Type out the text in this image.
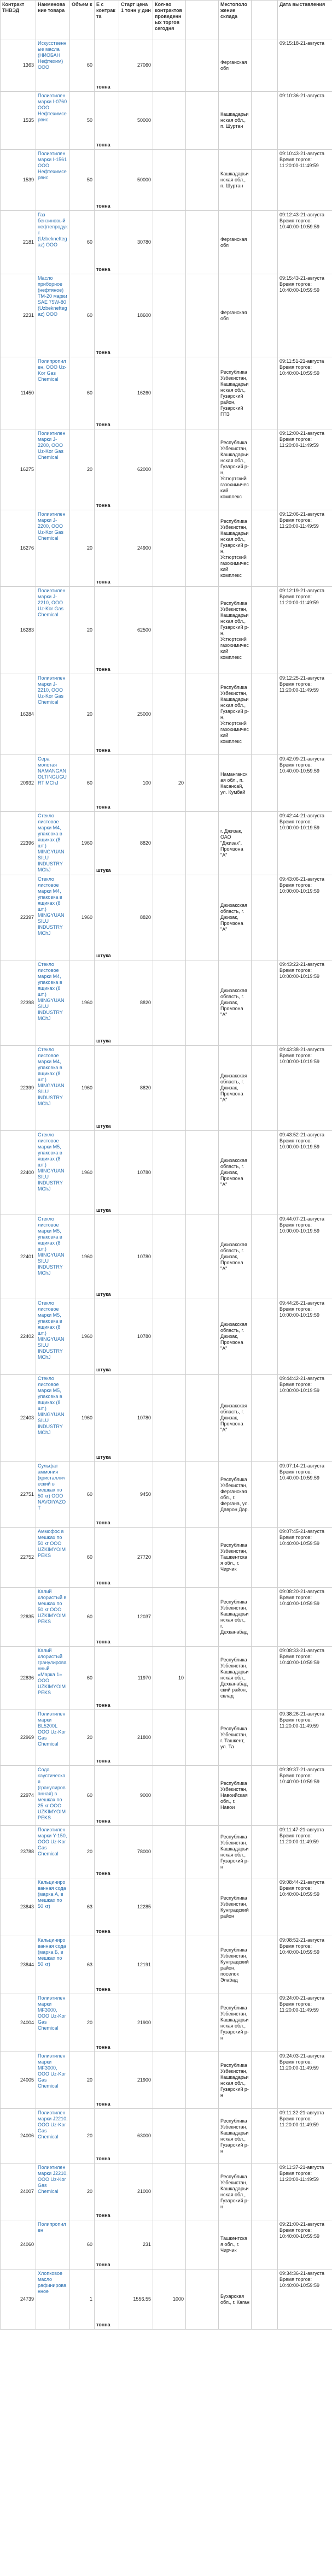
Контракт ТНВЭД	Наименование товара	Объем к	Е с контракта	Старт цена 1 тонн у дин	Кол-во контрактов проведенных торгов сегодня		Местоположение склада		Дата выставления
1363	Искусственные масла (НИОБАН Нефтехим) ООО	60	тонна	27060			Ферганская обл		09:15:18-21-августа
1535	Полиэтилен марки I-0760 ООО Нефтехимсервис	50	тонна	50000			Кашкадарьинская обл., п. Шуртан		09:10:36-21-августа
1539	Полиэтилен марки I-1561 ООО Нефтехимсервис	50	тонна	50000			Кашкадарьинская обл., п. Шуртан		09:10:43-21-августа Время торгов: 11:20:00-11:49:59
2181	Газ бензиновый нефтепродукт (Uzbekneftegaz) ООО	60	тонна	30780			Ферганская обл		09:12:43-21-августа Время торгов: 10:40:00-10:59:59
2231	Масло приборное (нефтяное) ТМ-20 марки SAE 75W-80 (Uzbekneftegaz) ООО	60	тонна	18600			Ферганская обл		09:15:43-21-августа Время торгов: 10:40:00-10:59:59
11450	Полипропилен, ООО Uz-Kor Gas Chemical	60	тонна	16260			Республика Узбекистан, Кашкадарьинская обл., Гузарский район, Гузарский ГПЗ		09:11:51-21-августа Время торгов: 10:40:00-10:59:59
16275	Полиэтилен марки J-2200, ООО Uz-Kor Gas Chemical	20	тонна	62000			Республика Узбекистан, Кашкадарьинская обл., Гузарский р-н, Устюртский газохимический комплекс		09:12:00-21-августа Время торгов: 11:20:00-11:49:59
16276	Полиэтилен марки J-2200, ООО Uz-Kor Gas Chemical	20	тонна	24900			Республика Узбекистан, Кашкадарьинская обл., Гузарский р-н, Устюртский газохимический комплекс		09:12:06-21-августа Время торгов: 11:20:00-11:49:59
16283	Полиэтилен марки J-2210, ООО Uz-Kor Gas Chemical	20	тонна	62500			Республика Узбекистан, Кашкадарьинская обл., Гузарский р-н, Устюртский газохимический комплекс		09:12:19-21-августа Время торгов: 11:20:00-11:49:59
16284	Полиэтилен марки J-2210, ООО Uz-Kor Gas Chemical	20	тонна	25000			Республика Узбекистан, Кашкадарьинская обл., Гузарский р-н, Устюртский газохимический комплекс		09:12:25-21-августа Время торгов: 11:20:00-11:49:59
20932	Сера молотая NAMANGAN OLTINGUGURT MChJ	60	тонна	100	20		Наманганская обл., п. Касансай, ул. Кумбай		09:42:09-21-августа Время торгов: 10:40:00-10:59:59
22396	Стекло листовое марки М4, упаковка в ящиках (8 шт.) MINGYUAN SILU INDUSTRY MChJ	1960	штука	8820			г. Джизак, ОАО "Джизак", Промзона "А"		09:42:44-21-августа Время торгов: 10:00:00-10:19:59
22397	Стекло листовое марки М4, упаковка в ящиках (8 шт.) MINGYUAN SILU INDUSTRY MChJ	1960	штука	8820			Джизакская область, г. Джизак, Промзона "А"		09:43:06-21-августа Время торгов: 10:00:00-10:19:59
22398	Стекло листовое марки М4, упаковка в ящиках (8 шт.) MINGYUAN SILU INDUSTRY MChJ	1960	штука	8820			Джизакская область, г. Джизак, Промзона "А"		09:43:22-21-августа Время торгов: 10:00:00-10:19:59
22399	Стекло листовое марки М4, упаковка в ящиках (8 шт.) MINGYUAN SILU INDUSTRY MChJ	1960	штука	8820			Джизакская область, г. Джизак, Промзона "А"		09:43:38-21-августа Время торгов: 10:00:00-10:19:59
22400	Стекло листовое марки М5, упаковка в ящиках (8 шт.) MINGYUAN SILU INDUSTRY MChJ	1960	штука	10780			Джизакская область, г. Джизак, Промзона "А"		09:43:52-21-августа Время торгов: 10:00:00-10:19:59
22401	Стекло листовое марки М5, упаковка в ящиках (8 шт.) MINGYUAN SILU INDUSTRY MChJ	1960	штука	10780			Джизакская область, г. Джизак, Промзона "А"		09:44:07-21-августа Время торгов: 10:00:00-10:19:59
22402	Стекло листовое марки М5, упаковка в ящиках (8 шт.) MINGYUAN SILU INDUSTRY MChJ	1960	штука	10780			Джизакская область, г. Джизак, Промзона "А"		09:44:26-21-августа Время торгов: 10:00:00-10:19:59
22403	Стекло листовое марки М5, упаковка в ящиках (8 шт.) MINGYUAN SILU INDUSTRY MChJ	1960	штука	10780			Джизакская область, г. Джизак, Промзона "А"		09:44:42-21-августа Время торгов: 10:00:00-10:19:59
22751	Сульфат аммония (кристаллический в мешках по 50 кг) ООО NAVOIYAZOT	60	тонна	9450			Республика Узбекистан, Ферганская обл., г. Фергана, ул. Даврон Дар.		09:07:14-21-августа Время торгов: 10:40:00-10:59:59
22752	Аммофос в мешках по 50 кг ООО UZKIMYOIMPEKS	60	тонна	27720			Республика Узбекистан, Ташкентская обл., г. Чирчик		09:07:45-21-августа Время торгов: 10:40:00-10:59:59
22835	Калий хлористый в мешках по 50 кг ООО UZKIMYOIMPEKS	60	тонна	12037			Республика Узбекистан, Кашкадарьинская обл., г. Дехканабад		09:08:20-21-августа Время торгов: 10:40:00-10:59:59
22836	Калий хлористый гранулированный «Марка 1» ООО UZKIMYOIMPEKS	60	тонна	11970	10		Республика Узбекистан, Кашкадарьинская обл., Дехканабадский район, склад		09:08:33-21-августа Время торгов: 10:40:00-10:59:59
22969	Полиэтилен марки BL5200L ООО Uz-Kor Gas Chemical	20	тонна	21800			Республика Узбекистан, г. Ташкент, ул. Та		09:38:26-21-августа Время торгов: 11:20:00-11:49:59
22974	Сода каустическая (гранулированная) в мешках по 25 кг ООО UZKIMYOIMPEKS	60	тонна	9000			Республика Узбекистан, Навоийская обл., г. Навои		09:39:37-21-августа Время торгов: 10:40:00-10:59:59
23788	Полиэтилен марки Y-150, ООО Uz-Kor Gas Chemical	20	тонна	78000			Республика Узбекистан, Кашкадарьинская обл., Гузарский р-н		09:11:47-21-августа Время торгов: 11:20:00-11:49:59
23843	Кальцинированная сода (марка А, в мешках по 50 кг)	63	тонна	12285			Республика Узбекистан, Кунградский район		09:08:44-21-августа Время торгов: 10:40:00-10:59:59
23844	Кальцинированная сода (марка Б, в мешках по 50 кг)	63	тонна	12191			Республика Узбекистан, Кунградский район, поселок Элабад		09:08:52-21-августа Время торгов: 10:40:00-10:59:59
24004	Полиэтилен марки MF3000, ООО Uz-Kor Gas Chemical	20	тонна	21900			Республика Узбекистан, Кашкадарьинская обл., Гузарский р-н		09:24:00-21-августа Время торгов: 11:20:00-11:49:59
24005	Полиэтилен марки MF3000, ООО Uz-Kor Gas Chemical	20	тонна	21900			Республика Узбекистан, Кашкадарьинская обл., Гузарский р-н		09:24:03-21-августа Время торгов: 11:20:00-11:49:59
24006	Полиэтилен марки J2210, ООО Uz-Kor Gas Chemical	20	тонна	63000			Республика Узбекистан, Кашкадарьинская обл., Гузарский р-н		09:11:32-21-августа Время торгов: 11:20:00-11:49:59
24007	Полиэтилен марки J2210, ООО Uz-Kor Gas Chemical	20	тонна	21000			Республика Узбекистан, Кашкадарьинская обл., Гузарский р-н		09:11:37-21-августа Время торгов: 11:20:00-11:49:59
24060	Полипропилен	60	тонна	231			Ташкентская обл., г. Чирчик		09:21:00-21-августа Время торгов: 10:40:00-10:59:59
24739	Хлопковое масло рафинированное	1	тонна	1556.55	1000		Бухарская обл., г. Каган		09:34:36-21-августа Время торгов: 10:40:00-10:59:59
